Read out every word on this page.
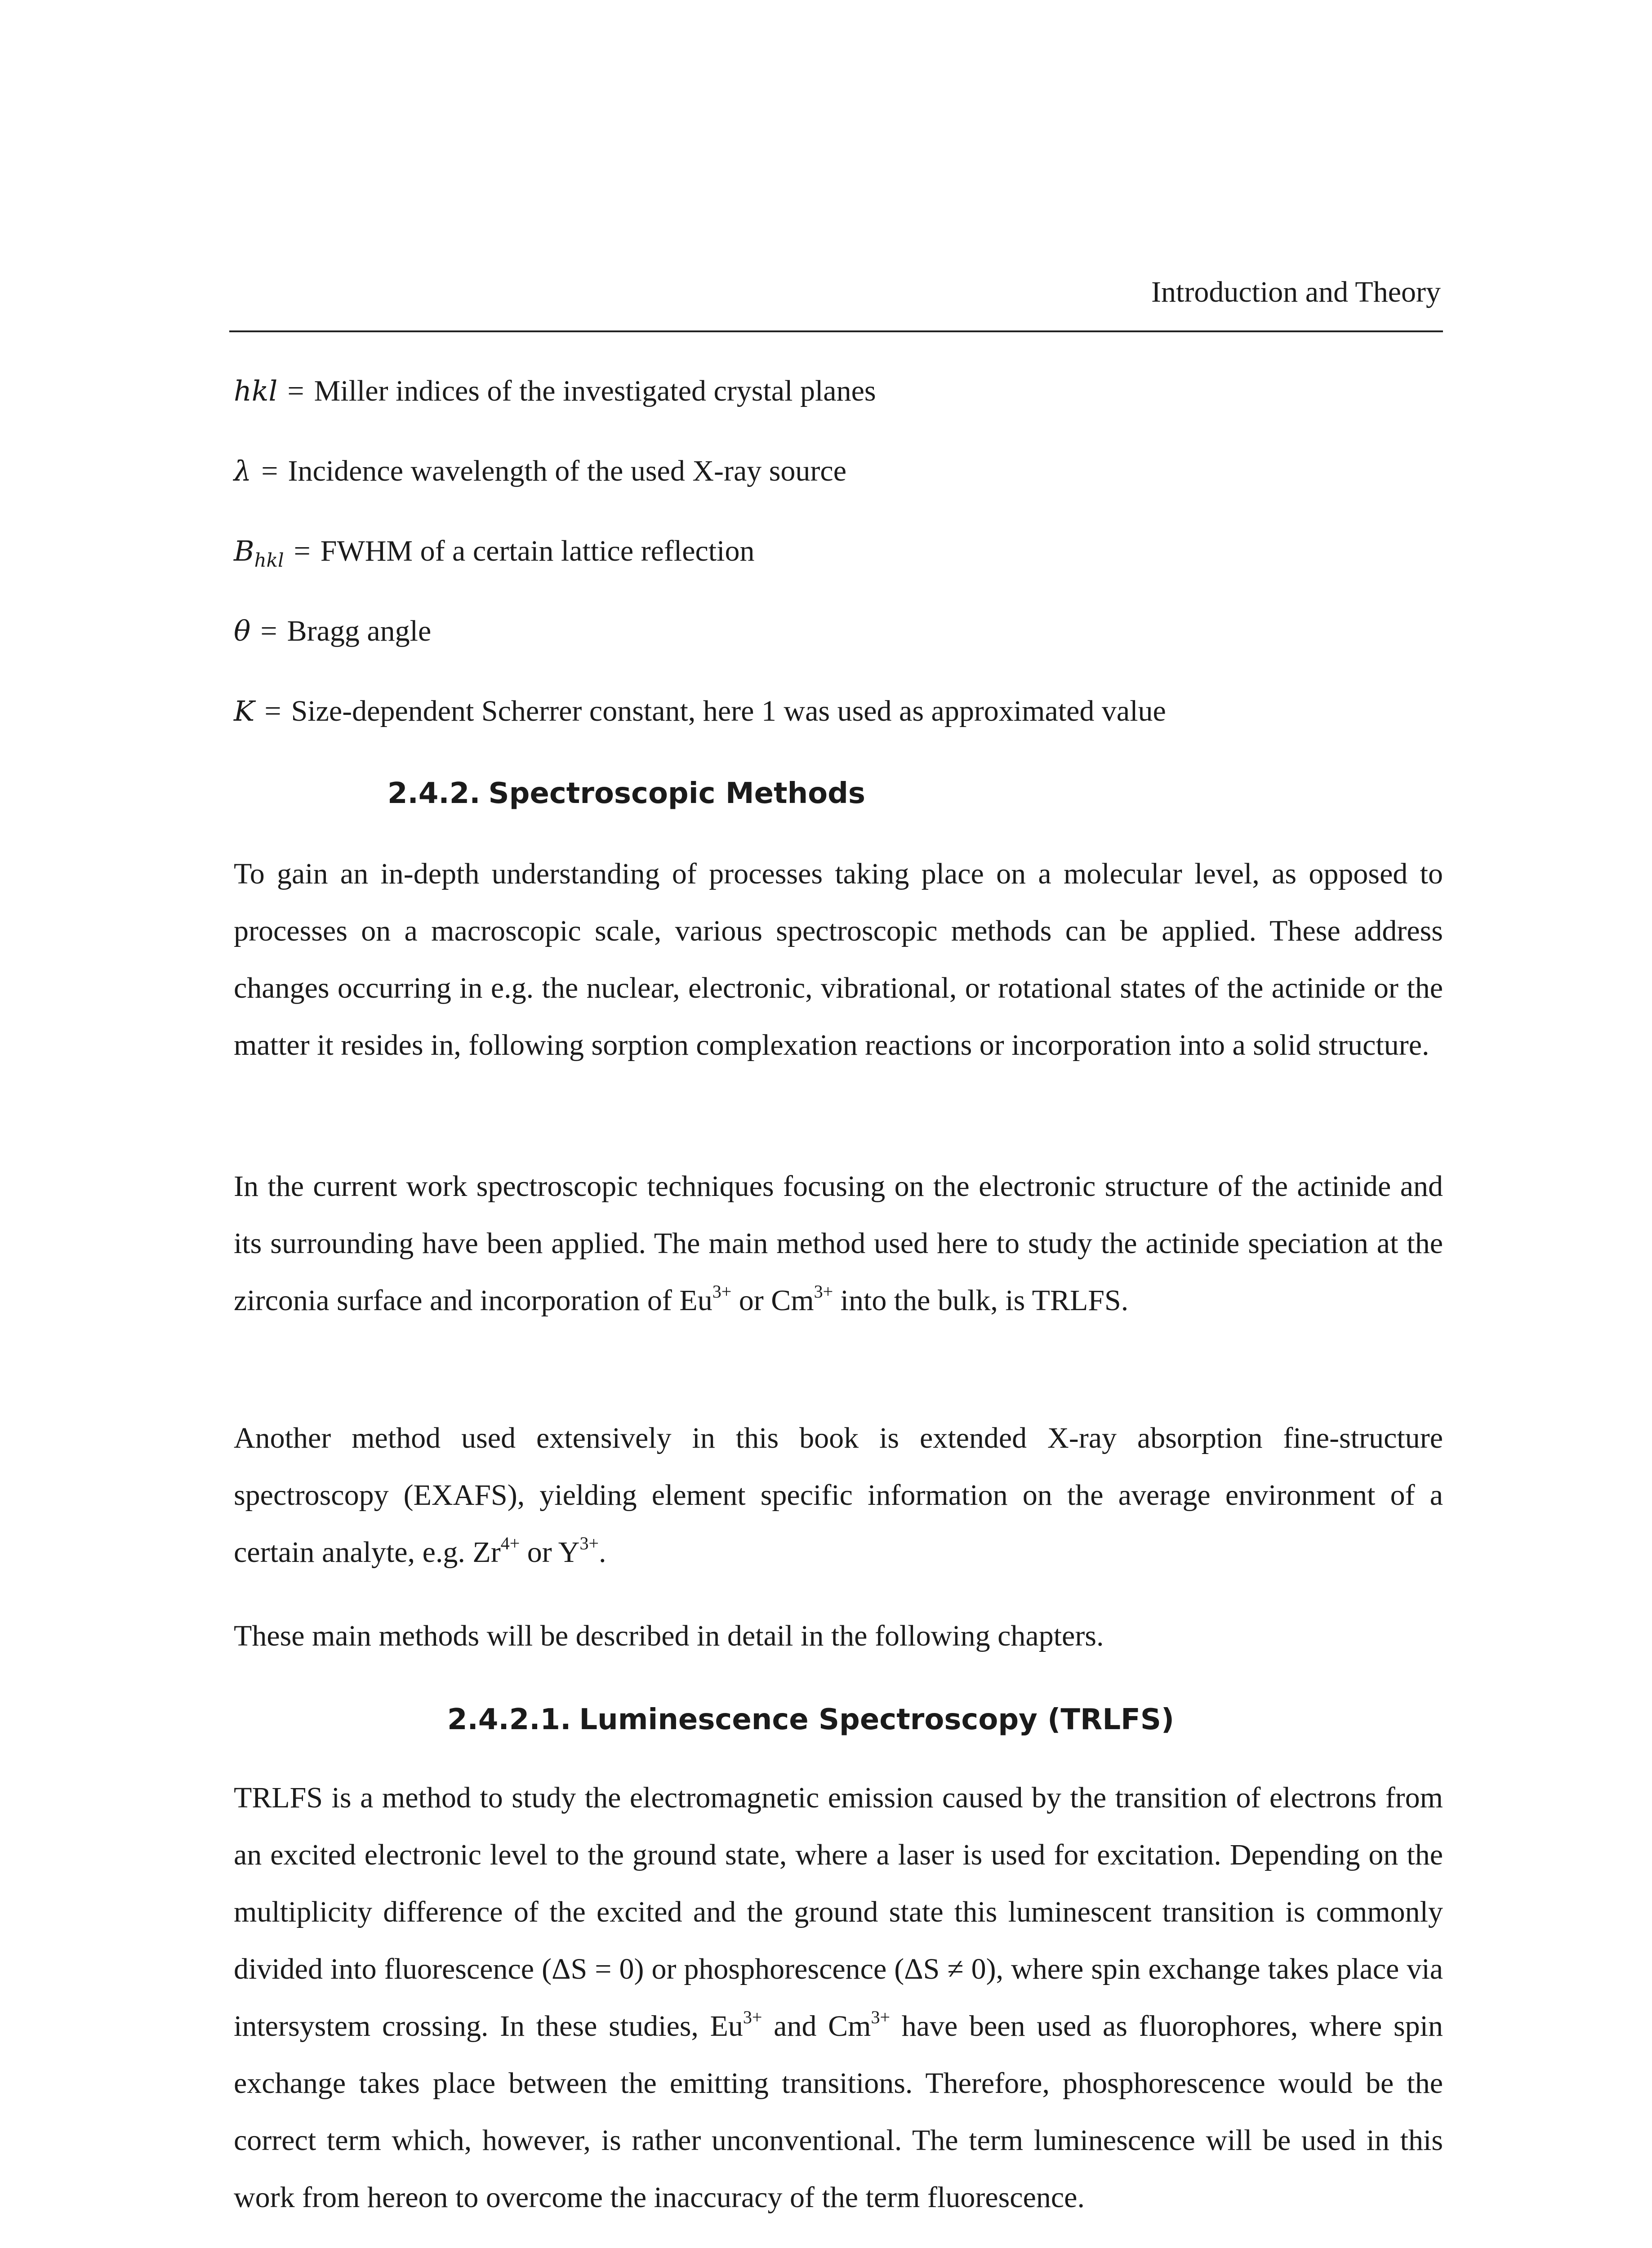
Introduction and Theory
hkl = Miller indices of the investigated crystal planes
λ = Incidence wavelength of the used X-ray source
$B_{hkl}$ = FWHM of a certain lattice reflection
θ = Bragg angle
K = Size-dependent Scherrer constant, here 1 was used as approximated value
2.4.2. Spectroscopic Methods

To gain an in-depth understanding of processes taking place on a molecular level, as opposed to processes on a macroscopic scale, various spectroscopic methods can be applied. These address changes occurring in e.g. the nuclear, electronic, vibrational, or rotational states of the actinide or the matter it resides in, following sorption complexation reactions or incorporation into a solid structure.

In the current work spectroscopic techniques focusing on the electronic structure of the actinide and its surrounding have been applied. The main method used here to study the actinide speciation at the zirconia surface and incorporation of $Eu^{3+}$ or $Cm^{3+}$ into the bulk, is TRLFS.

Another method used extensively in this book is extended X-ray absorption fine-structure spectroscopy (EXAFS), yielding element specific information on the average environment of a certain analyte, e.g. $Zr^{4+}$ or $Y^{3+}$.

These main methods will be described in detail in the following chapters.

2.4.2.1. Luminescence Spectroscopy (TRLFS)

TRLFS is a method to study the electromagnetic emission caused by the transition of electrons from an excited electronic level to the ground state, where a laser is used for excitation. Depending on the multiplicity difference of the excited and the ground state this luminescent transition is commonly divided into fluorescence (ΔS = 0) or phosphorescence (ΔS ≠ 0), where spin exchange takes place via intersystem crossing. In these studies, $Eu^{3+}$ and $Cm^{3+}$ have been used as fluorophores, where spin exchange takes place between the emitting transitions. Therefore, phosphorescence would be the correct term which, however, is rather unconventional. The term luminescence will be used in this work from hereon to overcome the inaccuracy of the term fluorescence.
